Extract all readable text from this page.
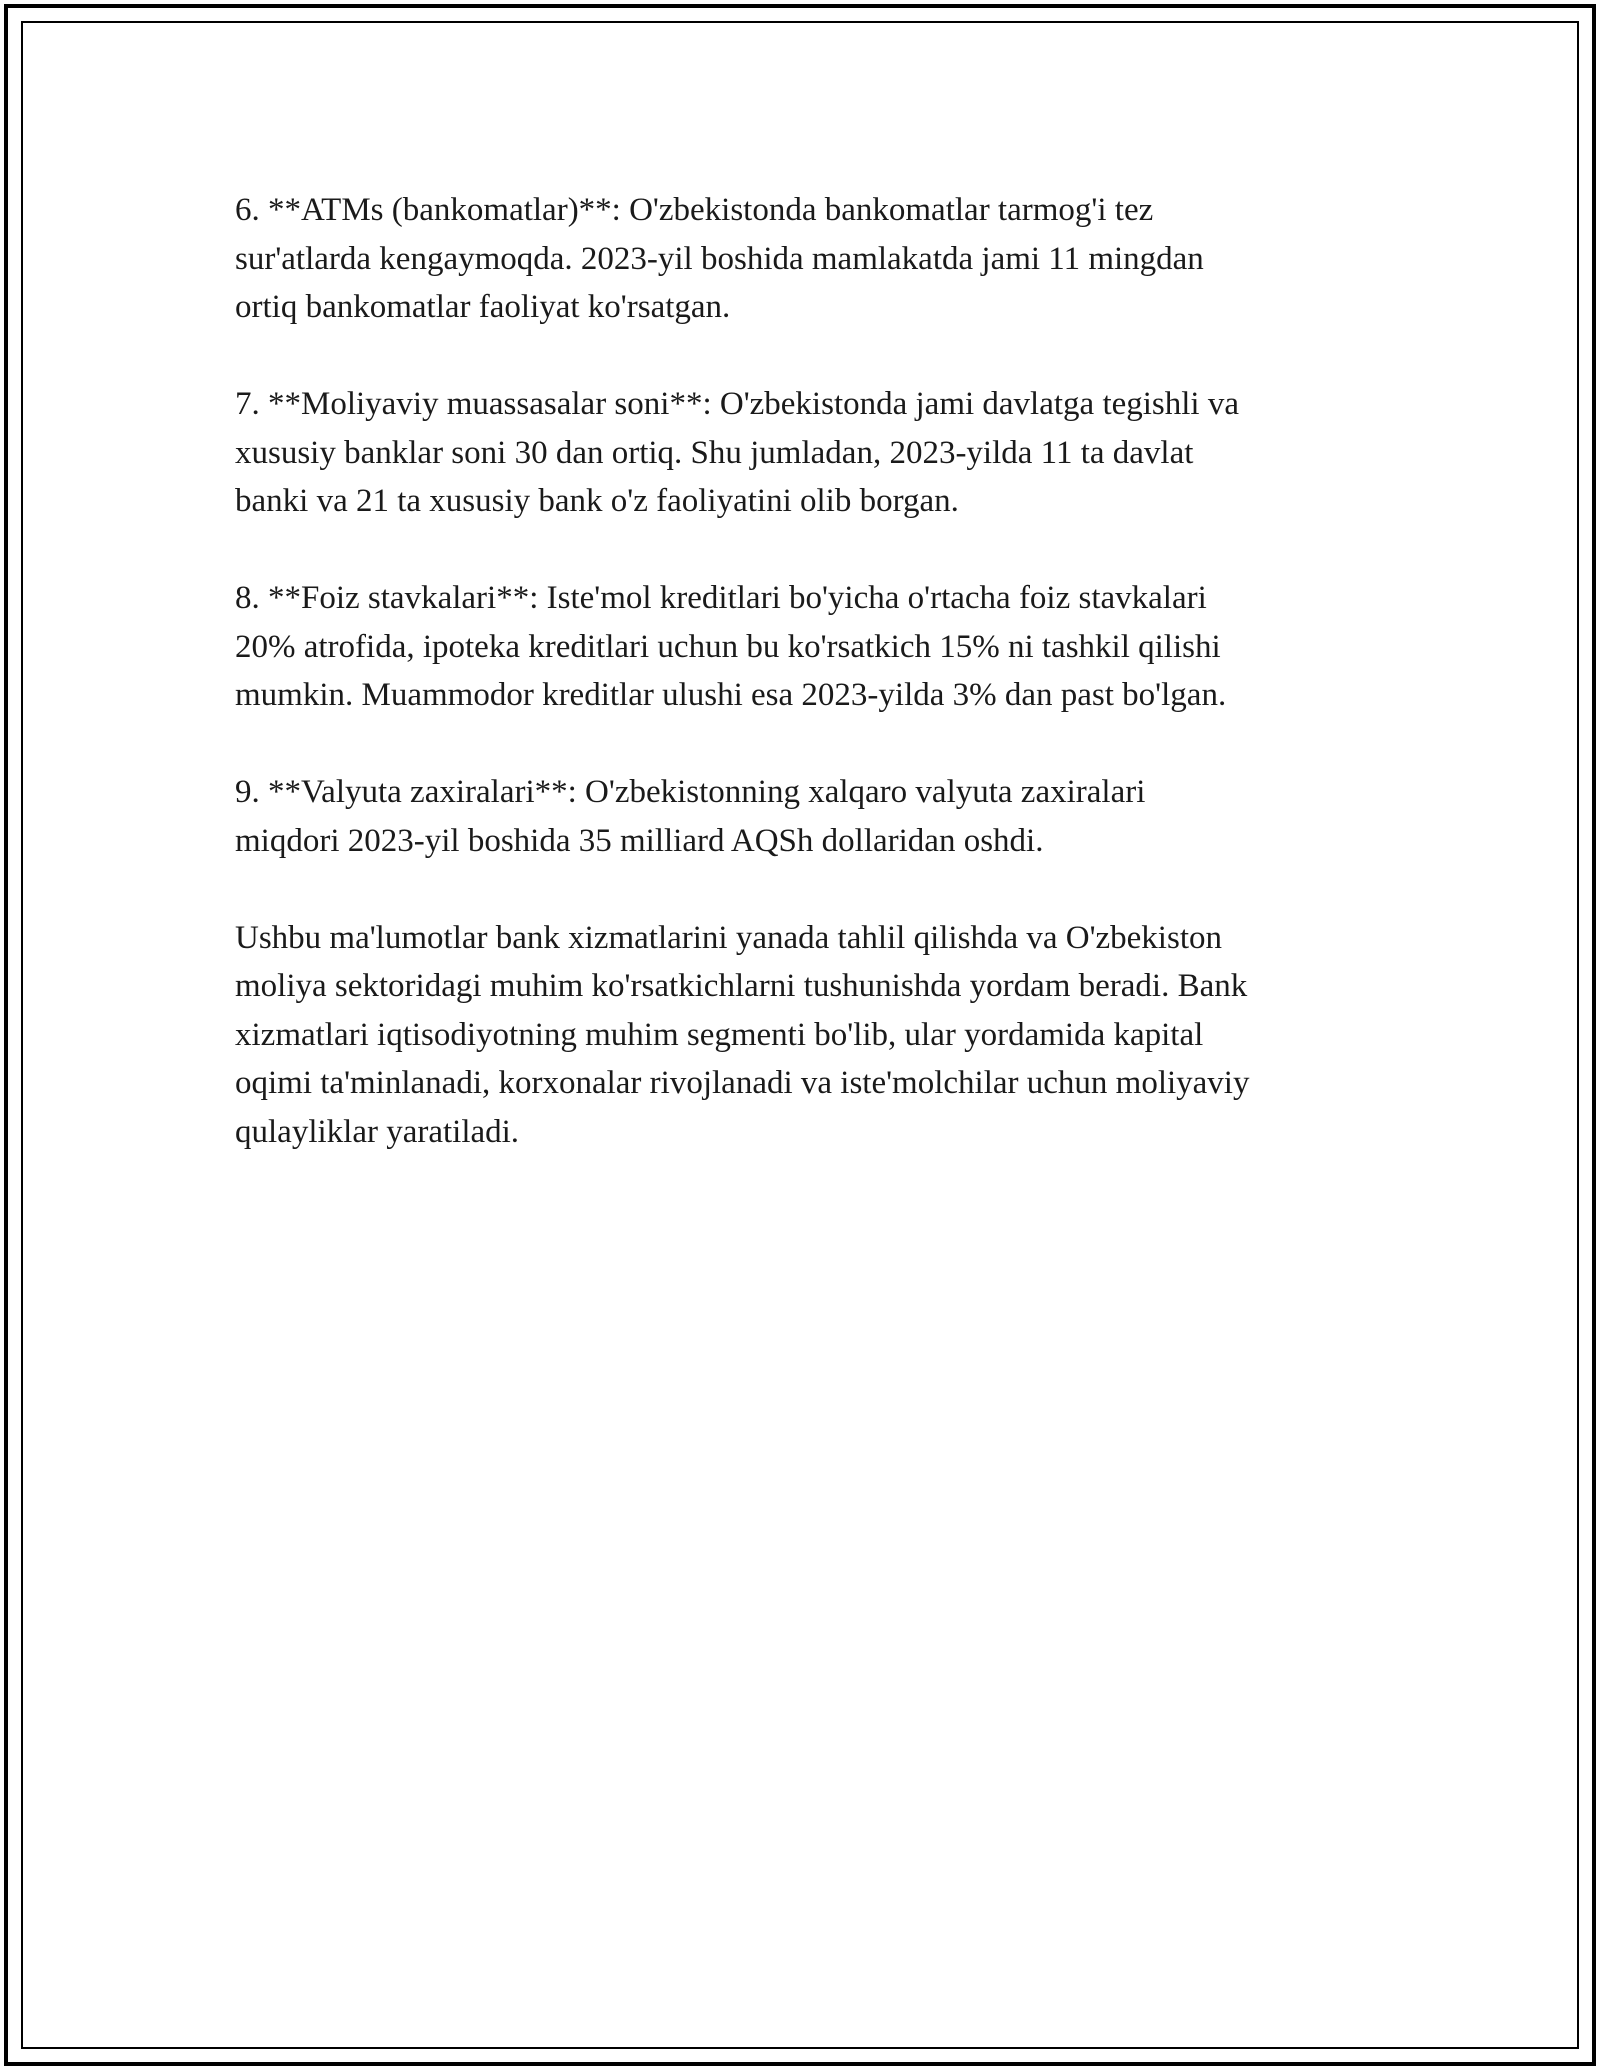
6. **ATMs (bankomatlar)**: O'zbekistonda bankomatlar tarmog'i tez
sur'atlarda kengaymoqda. 2023-yil boshida mamlakatda jami 11 mingdan
ortiq bankomatlar faoliyat ko'rsatgan.

7. **Moliyaviy muassasalar soni**: O'zbekistonda jami davlatga tegishli va
xususiy banklar soni 30 dan ortiq. Shu jumladan, 2023-yilda 11 ta davlat
banki va 21 ta xususiy bank o'z faoliyatini olib borgan.

8. **Foiz stavkalari**: Iste'mol kreditlari bo'yicha o'rtacha foiz stavkalari
20% atrofida, ipoteka kreditlari uchun bu ko'rsatkich 15% ni tashkil qilishi
mumkin. Muammodor kreditlar ulushi esa 2023-yilda 3% dan past bo'lgan.

9. **Valyuta zaxiralari**: O'zbekistonning xalqaro valyuta zaxiralari
miqdori 2023-yil boshida 35 milliard AQSh dollaridan oshdi.

Ushbu ma'lumotlar bank xizmatlarini yanada tahlil qilishda va O'zbekiston
moliya sektoridagi muhim ko'rsatkichlarni tushunishda yordam beradi. Bank
xizmatlari iqtisodiyotning muhim segmenti bo'lib, ular yordamida kapital
oqimi ta'minlanadi, korxonalar rivojlanadi va iste'molchilar uchun moliyaviy
qulayliklar yaratiladi.
